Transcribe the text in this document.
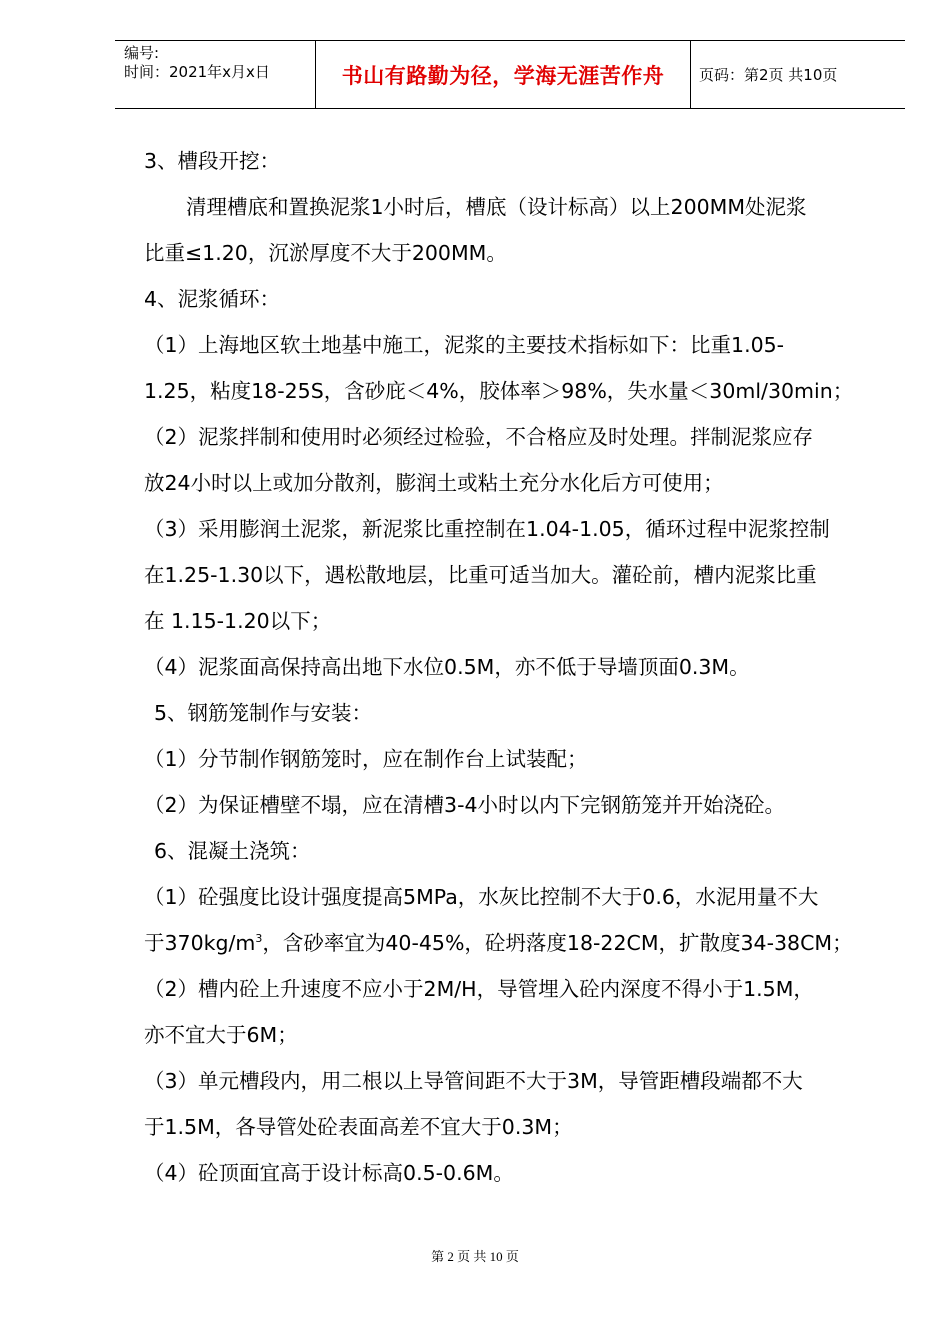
编号:
时间：2021年x月x日	书山有路勤为径，学海无涯苦作舟 页码：第2页 共10页

3、槽段开挖：

清理槽底和置换泥浆1小时后，槽底（设计标高）以上200MM处泥浆

比重≤1.20，沉淤厚度不大于200MM。

4、泥浆循环：

（1）上海地区软土地基中施工，泥浆的主要技术指标如下：比重1.05-

1.25，粘度18-25S，含砂庇＜4%，胶体率＞98%，失水量＜30ml/30min；

（2）泥浆拌制和使用时必须经过检验，不合格应及时处理。拌制泥浆应存

放24小时以上或加分散剂，膨润土或粘土充分水化后方可使用；

（3）采用膨润土泥浆，新泥浆比重控制在1.04-1.05，循环过程中泥浆控制

在1.25-1.30以下，遇松散地层，比重可适当加大。灌砼前，槽内泥浆比重

在 1.15-1.20以下；

（4）泥浆面高保持高出地下水位0.5M，亦不低于导墙顶面0.3M。

5、钢筋笼制作与安装：

（1）分节制作钢筋笼时，应在制作台上试装配；

（2）为保证槽壁不塌，应在清槽3-4小时以内下完钢筋笼并开始浇砼。

6、混凝土浇筑：

（1）砼强度比设计强度提高5MPa，水灰比控制不大于0.6，水泥用量不大

于$370kg/m^3$，含砂率宜为40-45%，砼坍落度18-22CM，扩散度34-38CM；

（2）槽内砼上升速度不应小于2M/H，导管埋入砼内深度不得小于1.5M，

亦不宜大于6M；

（3）单元槽段内，用二根以上导管间距不大于3M，导管距槽段端都不大

于1.5M，各导管处砼表面高差不宜大于0.3M；

（4）砼顶面宜高于设计标高0.5-0.6M。

第 2 页 共 10 页
